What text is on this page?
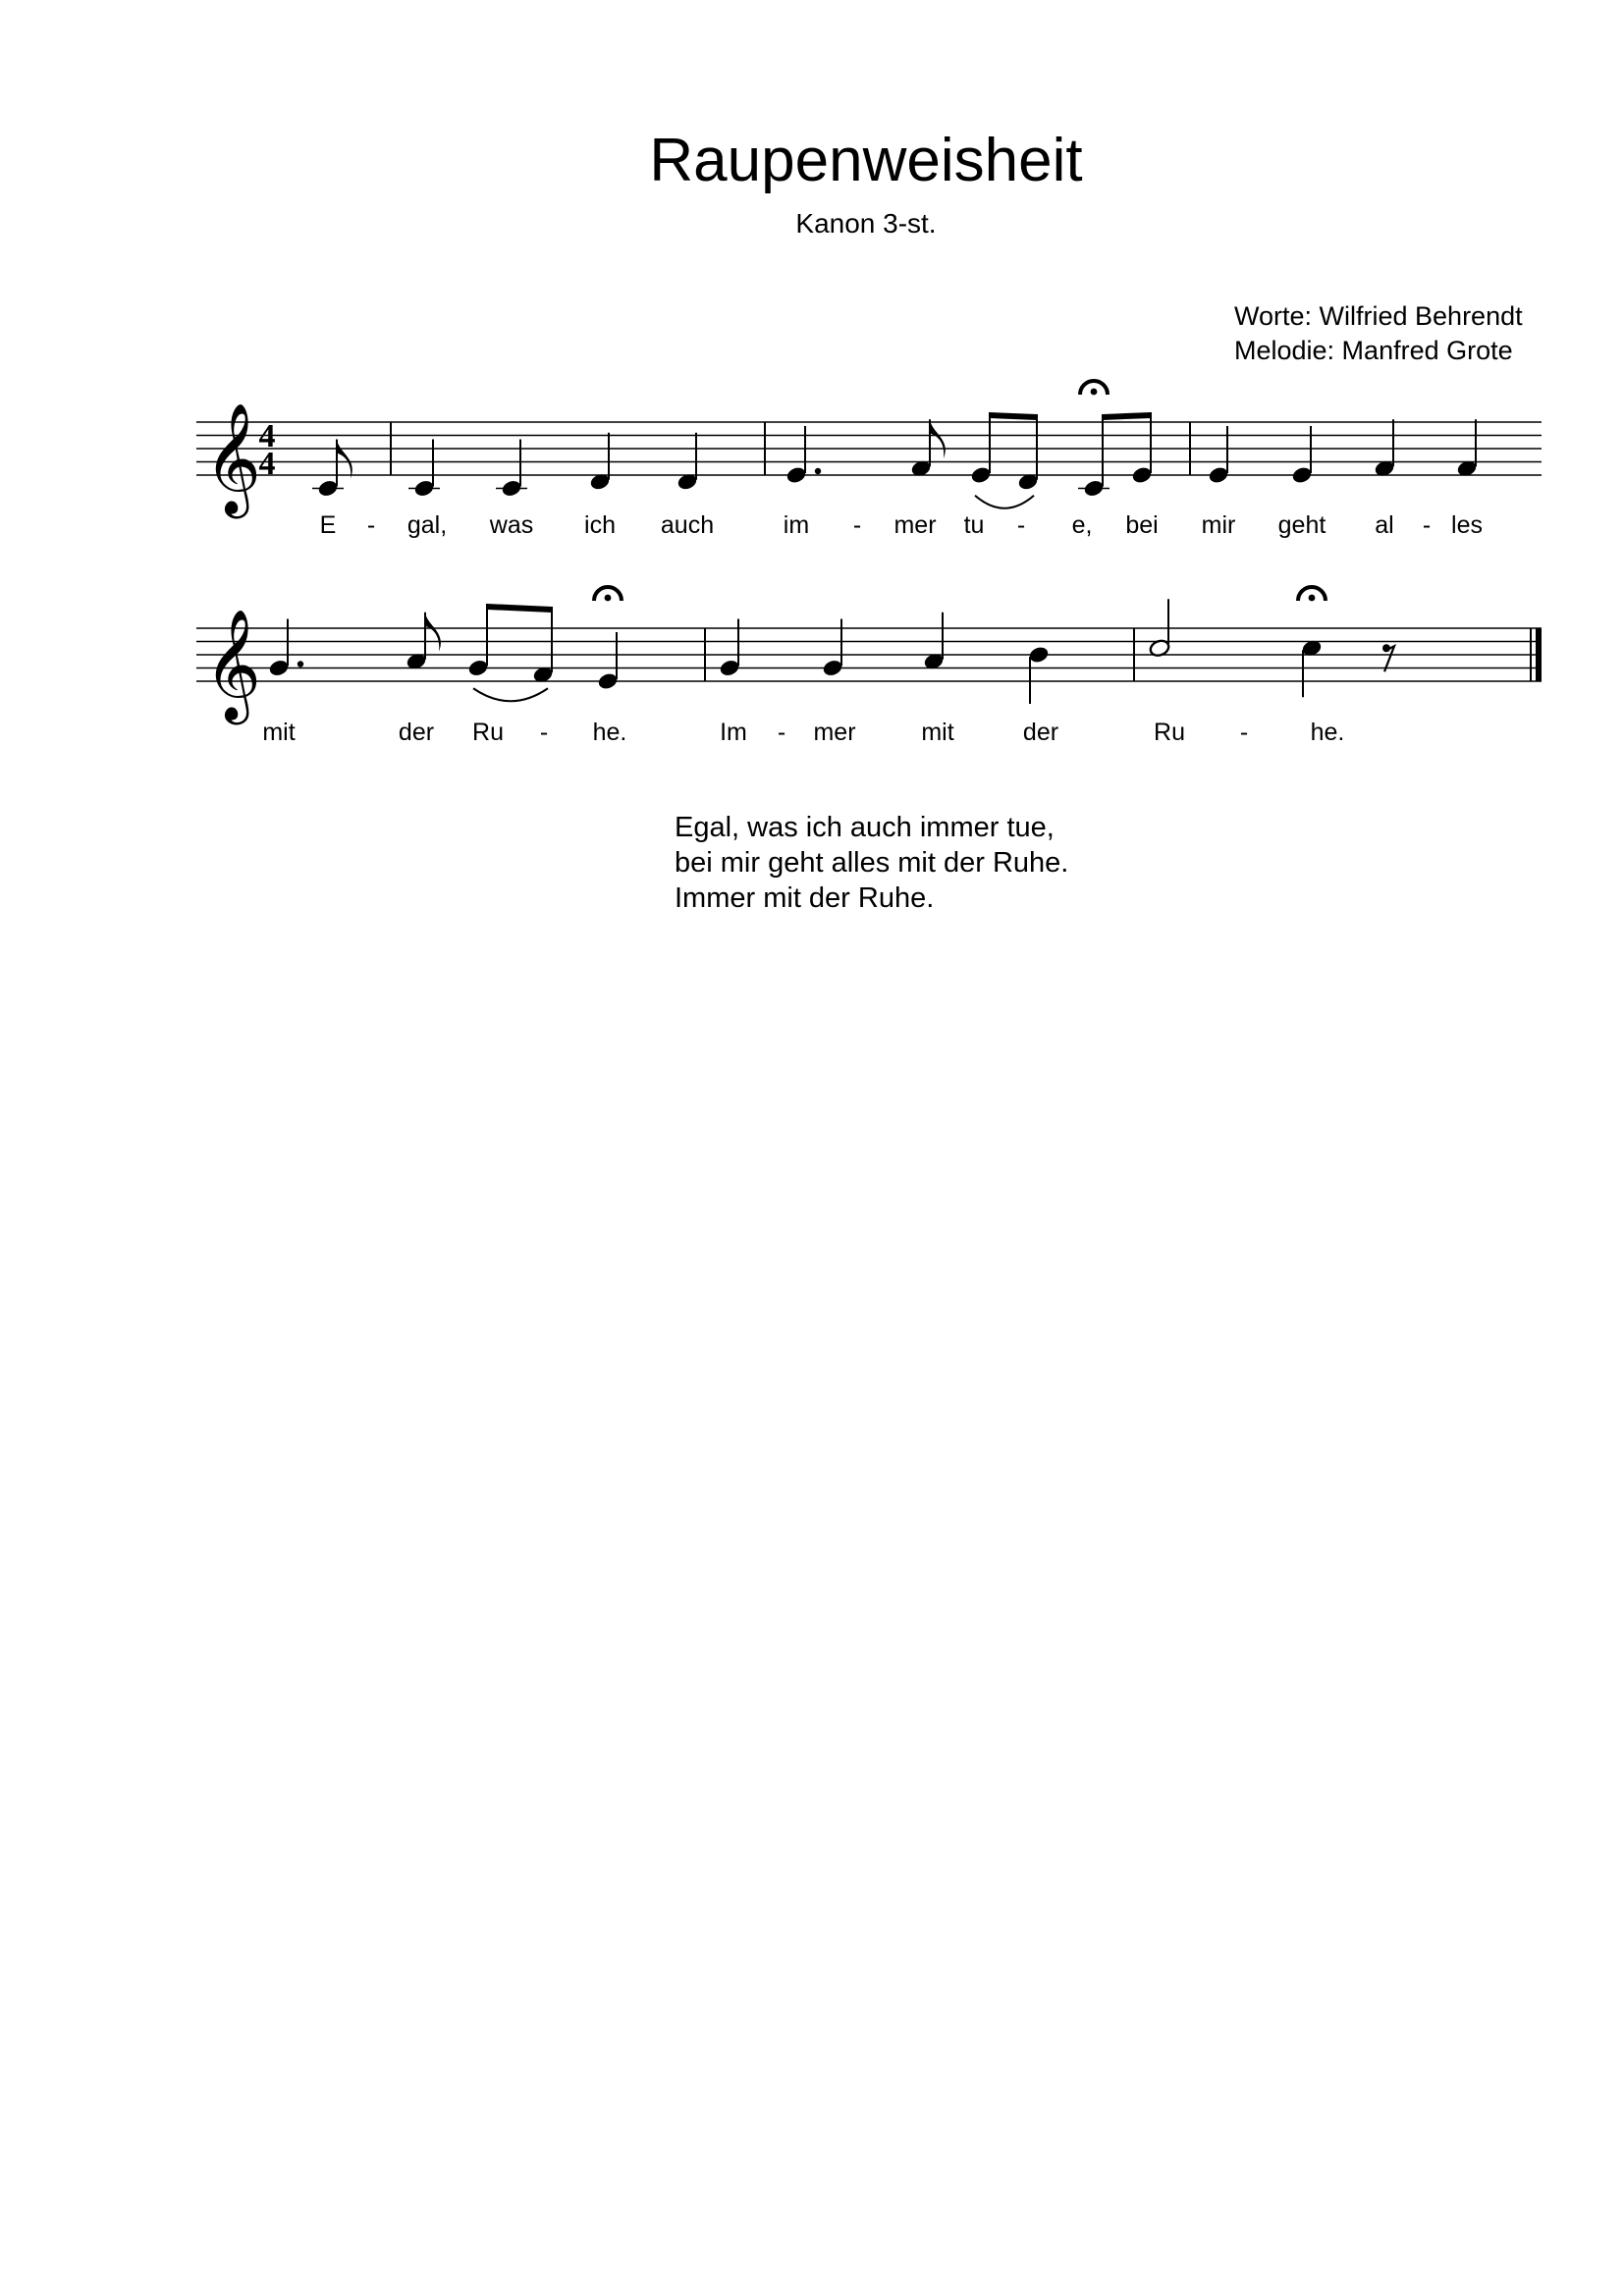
Raupenweisheit
Kanon 3-st.
Worte: Wilfried Behrendt
Melodie: Manfred Grote
𝄞
4
4
E - gal, was ich auch	im - mer tu - e, bei mir geht al - les
𝄞
mit	der Ru - he.	Im - mer	mit	der	Ru -	he.
Egal, was ich auch immer tue,
bei mir geht alles mit der Ruhe.
Immer mit der Ruhe.
